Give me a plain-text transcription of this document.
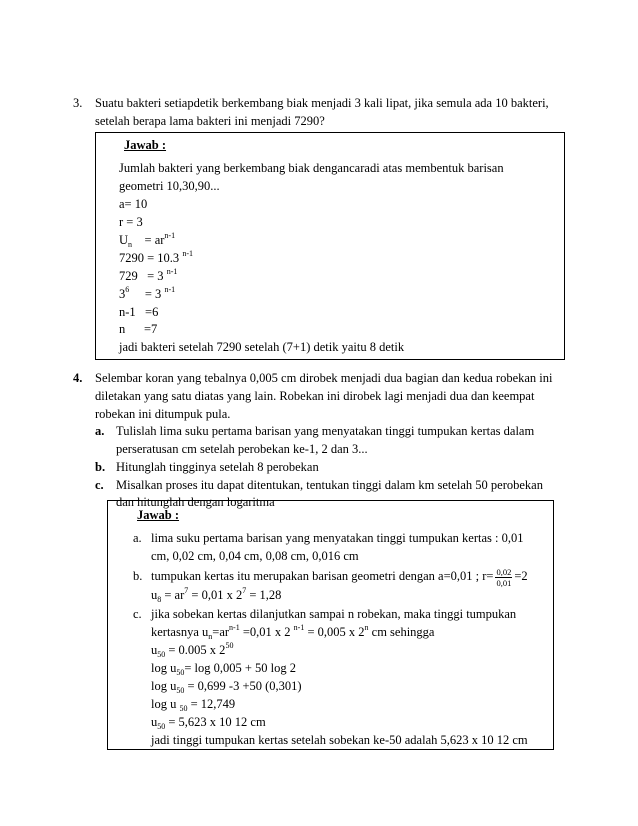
3. Suatu bakteri setiapdetik berkembang biak menjadi 3 kali lipat, jika semula ada 10 bakteri,
setelah berapa lama bakteri ini menjadi 7290?
Jawab :
Jumlah bakteri yang berkembang biak dengancaradi atas membentuk barisan
geometri 10,30,90...
a= 10
r = 3
$U_n = ar^{n-1}$
7290 = 10.3 $^{n-1}$
729   = 3 $^{n-1}$
$3^6 = 3$ $^{n-1}$
n-1   =6
n      =7
jadi bakteri setelah 7290 setelah (7+1) detik yaitu 8 detik
4. Selembar koran yang tebalnya 0,005 cm dirobek menjadi dua bagian dan kedua robekan ini
diletakan yang satu diatas yang lain. Robekan ini dirobek lagi menjadi dua dan keempat
robekan ini ditumpuk pula.
a. Tulislah lima suku pertama barisan yang menyatakan tinggi tumpukan kertas dalam
perseratusan cm setelah perobekan ke-1, 2 dan 3...
b. Hitunglah tingginya setelah 8 perobekan
c. Misalkan proses itu dapat ditentukan, tentukan tinggi dalam km setelah 50 perobekan
dan hitunglah dengan logaritma
Jawab :
a. lima suku pertama barisan yang menyatakan tinggi tumpukan kertas : 0,01
cm, 0,02 cm, 0,04 cm, 0,08 cm, 0,016 cm
b. tumpukan kertas itu merupakan barisan geometri dengan a=0,01 ; $r= \frac{0,02}{0,01} =2$
$u_8 = ar^7 = 0,01$ x $2^7 = 1,28$
c. jika sobekan kertas dilanjutkan sampai n robekan, maka tinggi tumpukan
kertasnya $u_n=ar^{n-1} =0,01$ x 2 $^{n-1}$ = 0,005 x 2$^n$ cm sehingga
$u_{50} = 0.005$ x $2^{50}$
$\log u_{50}= \log 0,005 + 50$ log 2
$\log u_{50} = 0,699$ -3 +50 (0,301)
log u $_{50}$ = 12,749
$u_{50} = 5,623$ x 10 12 cm
jadi tinggi tumpukan kertas setelah sobekan ke-50 adalah 5,623 x 10 12 cm
